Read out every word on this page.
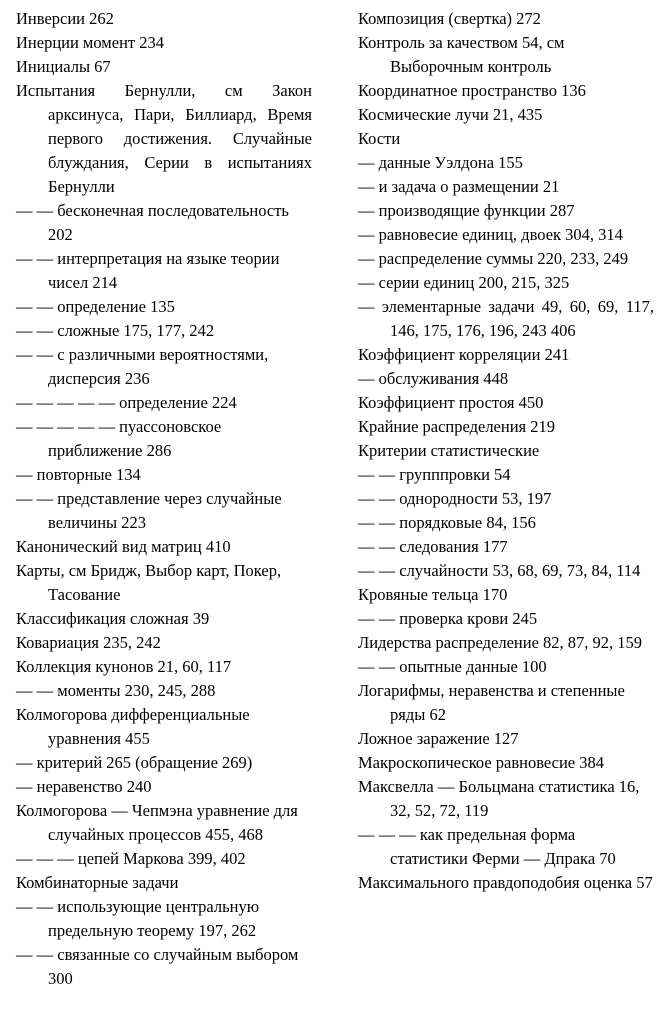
Инверсии 262

Инерции момент 234

Инициалы 67

Испытания Бернулли, см Закон арксинуса, Пари, Биллиард, Время первого достижения. Случайные блуждания, Серии в испытаниях Бернулли

— — бесконечная последовательность 202

— — интерпретация на языке теории чисел 214

— — определение 135

— — сложные 175, 177, 242

— — с различными вероятностями, дисперсия 236

— — — — — определение 224

— — — — — пуассоновское приближение 286

— повторные 134

— — представление через случайные величины 223

Канонический вид матриц 410

Карты, см Бридж, Выбор карт, Покер, Тасование

Классификация сложная 39

Ковариация 235, 242

Коллекция кунонов 21, 60, 117

— — моменты 230, 245, 288

Колмогорова дифференциальные уравнения 455

— критерий 265 (обращение 269)

— неравенство 240

Колмогорова — Чепмэна уравнение для случайных процессов 455, 468

— — — цепей Маркова 399, 402

Комбинаторные задачи

— — использующие центральную предельную теорему 197, 262

— — связанные со случайным выбором 300

Композиция (свертка) 272

Контроль за качеством 54, см Выборочным контроль

Координатное пространство 136

Космические лучи 21, 435

Кости

— данные Уэлдона 155

— и задача о размещении 21

— производящие функции 287

— равновесие единиц, двоек 304, 314

— распределение суммы 220, 233, 249

— серии единиц 200, 215, 325

— элементарные задачи 49, 60, 69, 117, 146, 175, 176, 196, 243 406

Коэффициент корреляции 241

— обслуживания 448

Коэффициент простоя 450

Крайние распределения 219

Критерии статистические

— — групппровки 54

— — однородности 53, 197

— — порядковые 84, 156

— — следования 177

— — случайности 53, 68, 69, 73, 84, 114

Кровяные тельца 170

— — проверка крови 245

Лидерства распределение 82, 87, 92, 159

— — опытные данные 100

Логарифмы, неравенства и степенные ряды 62

Ложное заражение 127

Макроскопическое равновесие 384

Максвелла — Больцмана статистика 16, 32, 52, 72, 119

— — — как предельная форма статистики Ферми — Дпрака 70

Максимального правдоподобия оценка 57
